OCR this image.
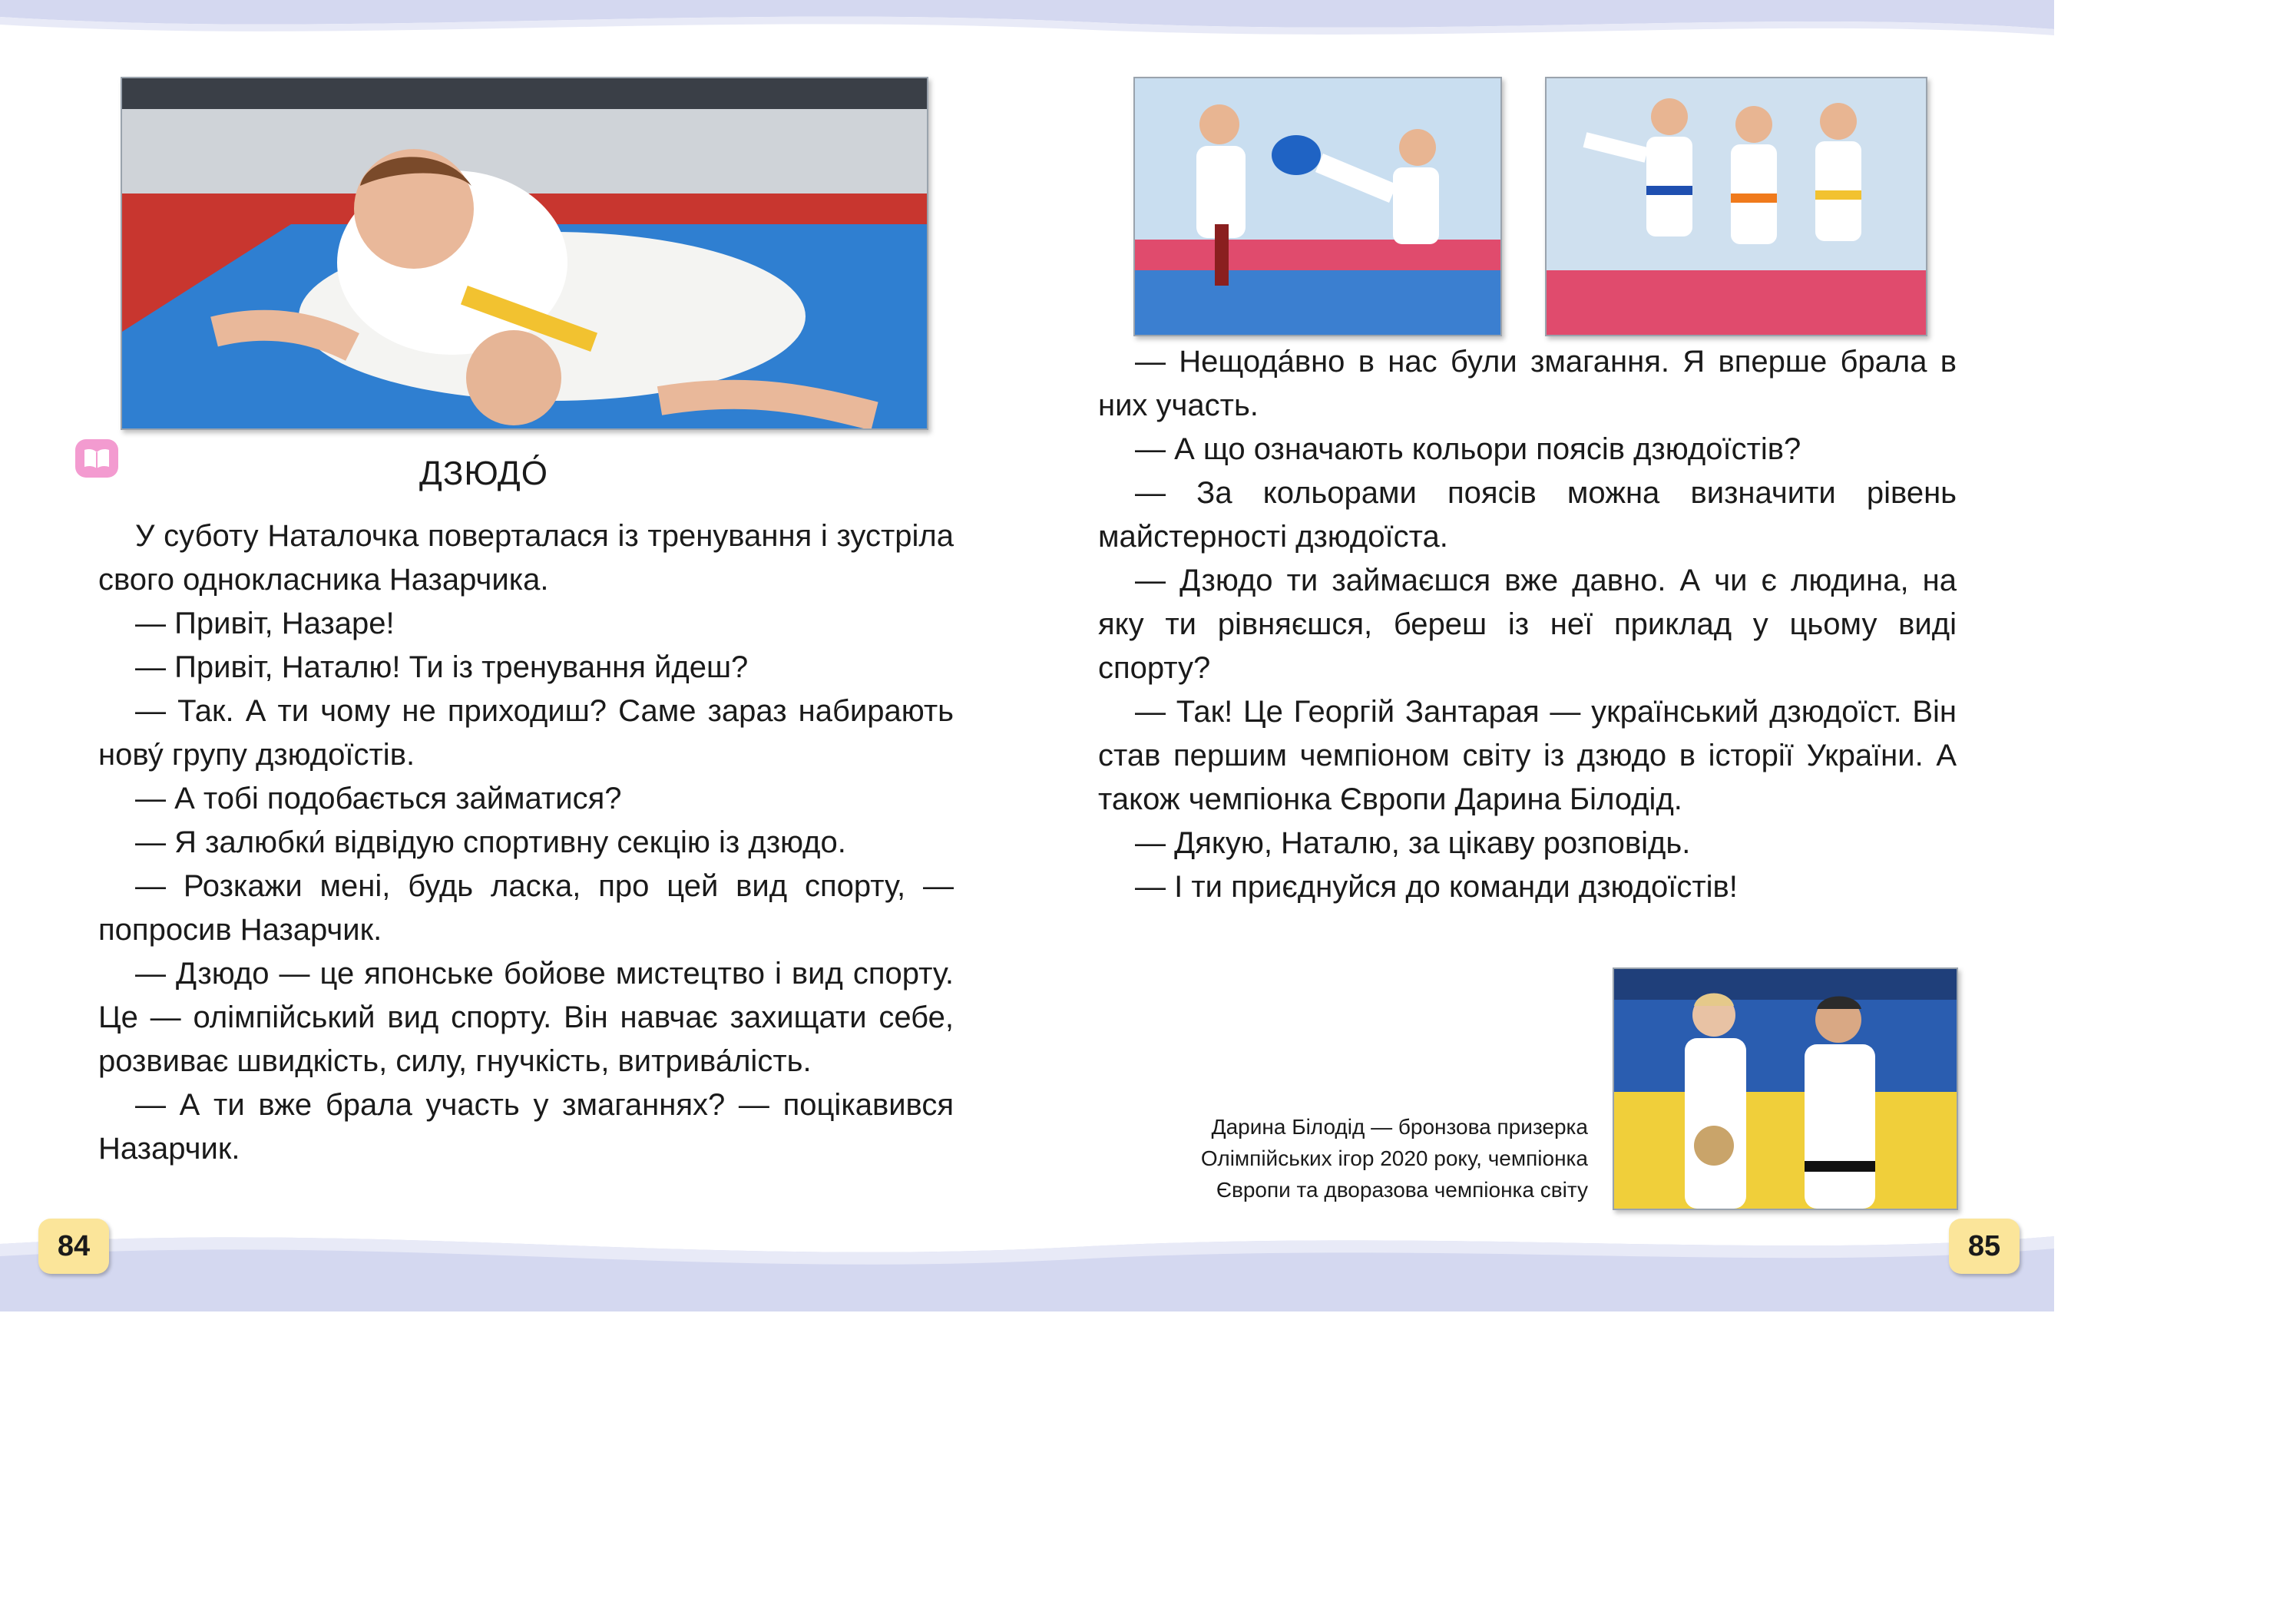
ДЗЮДО́

У суботу Наталочка поверталася із тренування і зустріла свого однокласника Назарчика.

— Привіт, Назаре!

— Привіт, Наталю! Ти із тренування йдеш?

— Так. А ти чому не приходиш? Саме зараз набирають нову́ групу дзюдоїстів.

— А тобі подобається займатися?

— Я залюбки́ відвідую спортивну секцію із дзюдо.

— Розкажи мені, будь ласка, про цей вид спорту, — попросив Назарчик.

— Дзюдо — це японське бойове мистецтво і вид спорту. Це — олімпійський вид спорту. Він навчає захищати себе, розвиває швидкість, силу, гнучкість, витрива́лість.

— А ти вже брала участь у змаганнях? — поцікавився Назарчик.

— Нещода́вно в нас були змагання. Я вперше брала в них участь.

— А що означають кольори поясів дзюдоїстів?

— За кольорами поясів можна визначити рівень майстерності дзюдоїста.

— Дзюдо ти займаєшся вже давно. А чи є людина, на яку ти рівняєшся, береш із неї приклад у цьому виді спорту?

— Так! Це Георгій Зантарая — український дзюдоїст. Він став першим чемпіоном світу із дзюдо в історії України. А також чемпіонка Європи Дарина Білодід.

— Дякую, Наталю, за цікаву розповідь.

— І ти приєднуйся до команди дзюдоїстів!

Дарина Білодід — бронзова призерка
Олімпійських ігор 2020 року, чемпіонка
Європи та дворазова чемпіонка світу
84	85
